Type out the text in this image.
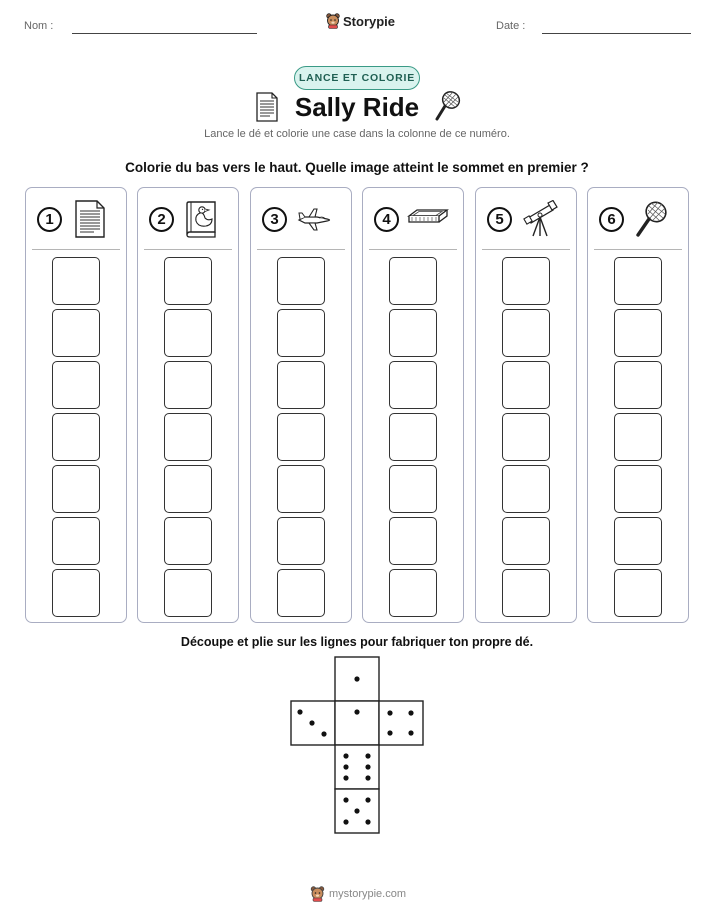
Nom :	Storypie	Date :
LANCE ET COLORIE
Sally Ride
Lance le dé et colorie une case dans la colonne de ce numéro.
Colorie du bas vers le haut. Quelle image atteint le sommet en premier ?
1	2	3	4	5	6
Découpe et plie sur les lignes pour fabriquer ton propre dé.
mystorypie.com
